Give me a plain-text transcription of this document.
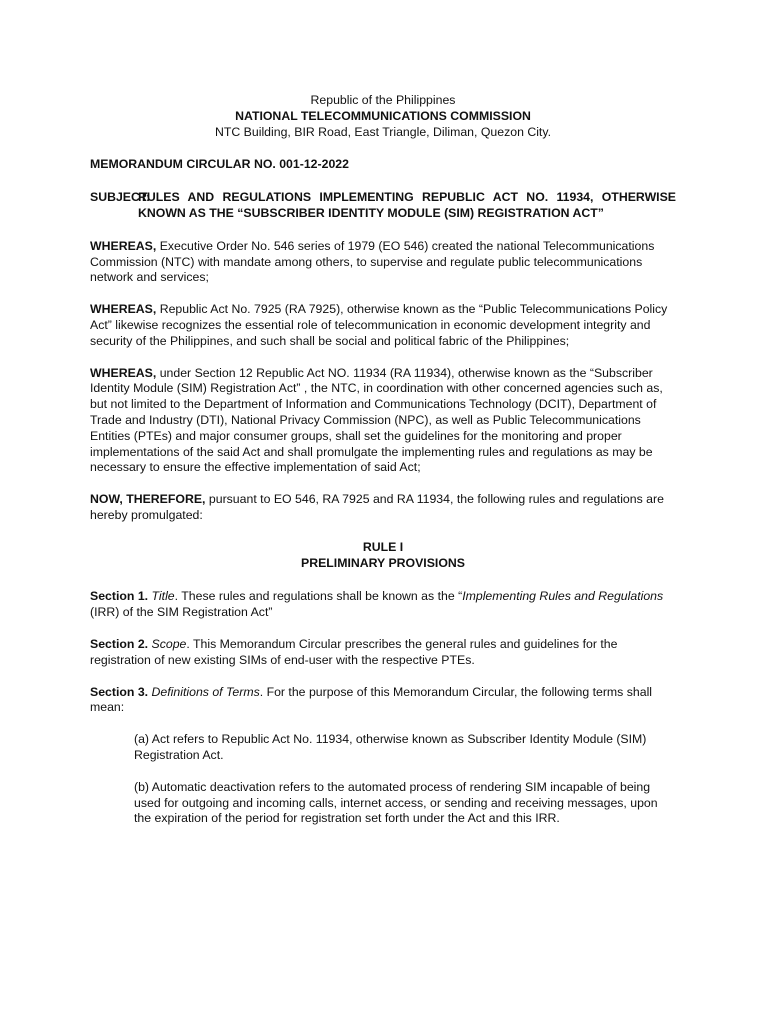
Republic of the Philippines

NATIONAL TELECOMMUNICATIONS COMMISSION

NTC Building, BIR Road, East Triangle, Diliman, Quezon City.

MEMORANDUM CIRCULAR NO. 001-12-2022

SUBJECT:
RULES AND REGULATIONS IMPLEMENTING REPUBLIC ACT NO. 11934, OTHERWISE KNOWN AS THE “SUBSCRIBER IDENTITY MODULE (SIM) REGISTRATION ACT”

WHEREAS, Executive Order No. 546 series of 1979 (EO 546) created the national Telecommunications Commission (NTC) with mandate among others, to supervise and regulate public telecommunications network and services;

WHEREAS, Republic Act No. 7925 (RA 7925), otherwise known as the “Public Telecommunications Policy Act” likewise recognizes the essential role of telecommunication in economic development integrity and security of the Philippines, and such shall be social and political fabric of the Philippines;

WHEREAS, under Section 12 Republic Act NO. 11934 (RA 11934), otherwise known as the “Subscriber Identity Module (SIM) Registration Act” , the NTC, in coordination with other concerned agencies such as, but not limited to the Department of Information and Communications Technology (DCIT), Department of Trade and Industry (DTI), National Privacy Commission (NPC), as well as Public Telecommunications Entities (PTEs) and major consumer groups, shall set the guidelines for the monitoring and proper implementations of the said Act and shall promulgate the implementing rules and regulations as may be necessary to ensure the effective implementation of said Act;

NOW, THEREFORE, pursuant to EO 546, RA 7925 and RA 11934, the following rules and regulations are hereby promulgated:

RULE I

PRELIMINARY PROVISIONS

Section 1. Title. These rules and regulations shall be known as the “Implementing Rules and Regulations (IRR) of the SIM Registration Act”

Section 2. Scope. This Memorandum Circular prescribes the general rules and guidelines for the registration of new existing SIMs of end-user with the respective PTEs.

Section 3. Definitions of Terms. For the purpose of this Memorandum Circular, the following terms shall mean:

(a) Act refers to Republic Act No. 11934, otherwise known as Subscriber Identity Module (SIM) Registration Act.

(b) Automatic deactivation refers to the automated process of rendering SIM incapable of being used for outgoing and incoming calls, internet access, or sending and receiving messages, upon the expiration of the period for registration set forth under the Act and this IRR.
